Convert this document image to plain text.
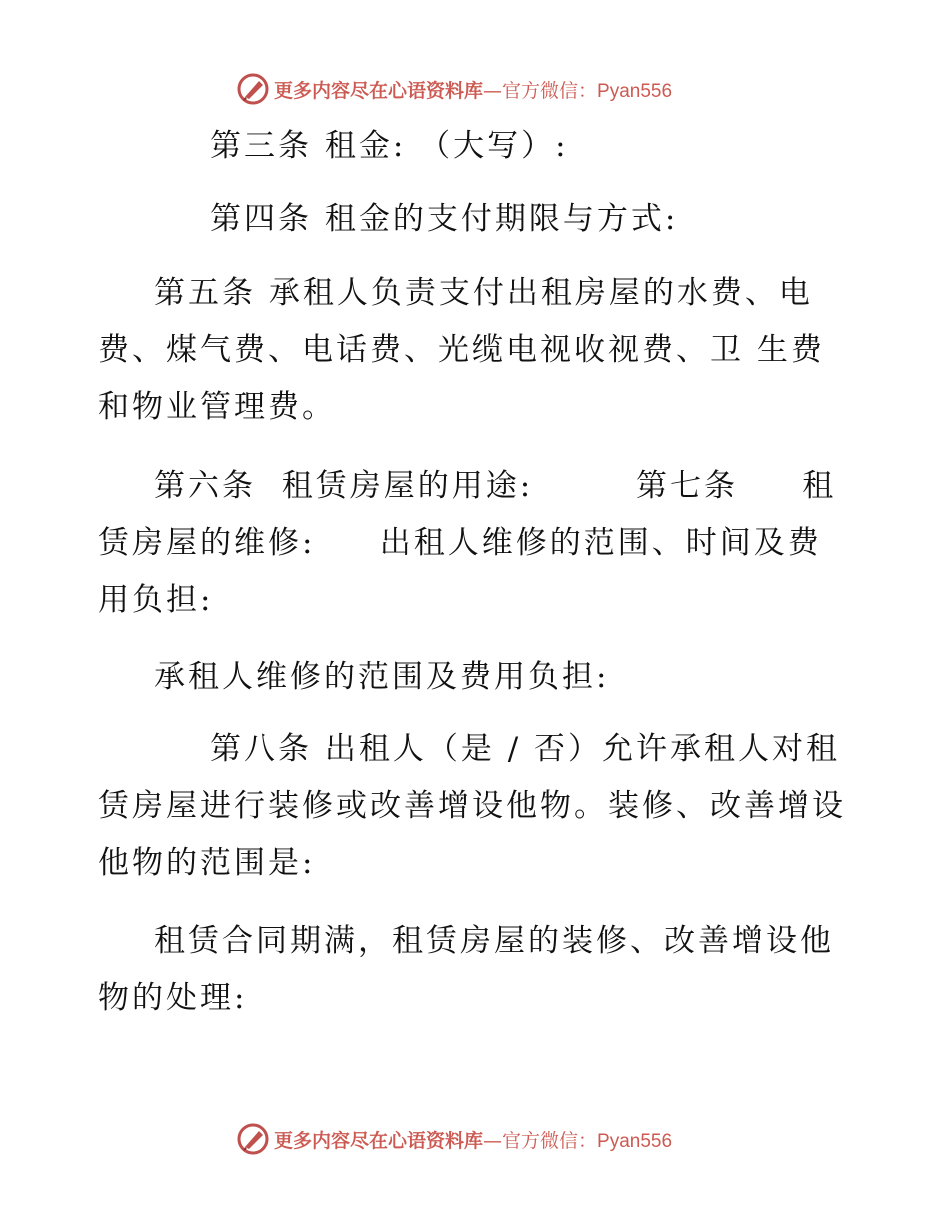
更多内容尽在心语资料库—官方微信：Pyan556

第三条 租金: （大写）:

第四条 租金的支付期限与方式:

第五条 承租人负责支付出租房屋的水费、电费、煤气费、电话费、光缆电视收视费、卫 生费和物业管理费。

第六条  租赁房屋的用途:        第七条     租赁房屋的维修:     出租人维修的范围、时间及费用负担:

承租人维修的范围及费用负担:

第八条 出租人（是 / 否）允许承租人对租赁房屋进行装修或改善增设他物。装修、改善增设他物的范围是:

租赁合同期满，租赁房屋的装修、改善增设他物的处理:

更多内容尽在心语资料库—官方微信：Pyan556
